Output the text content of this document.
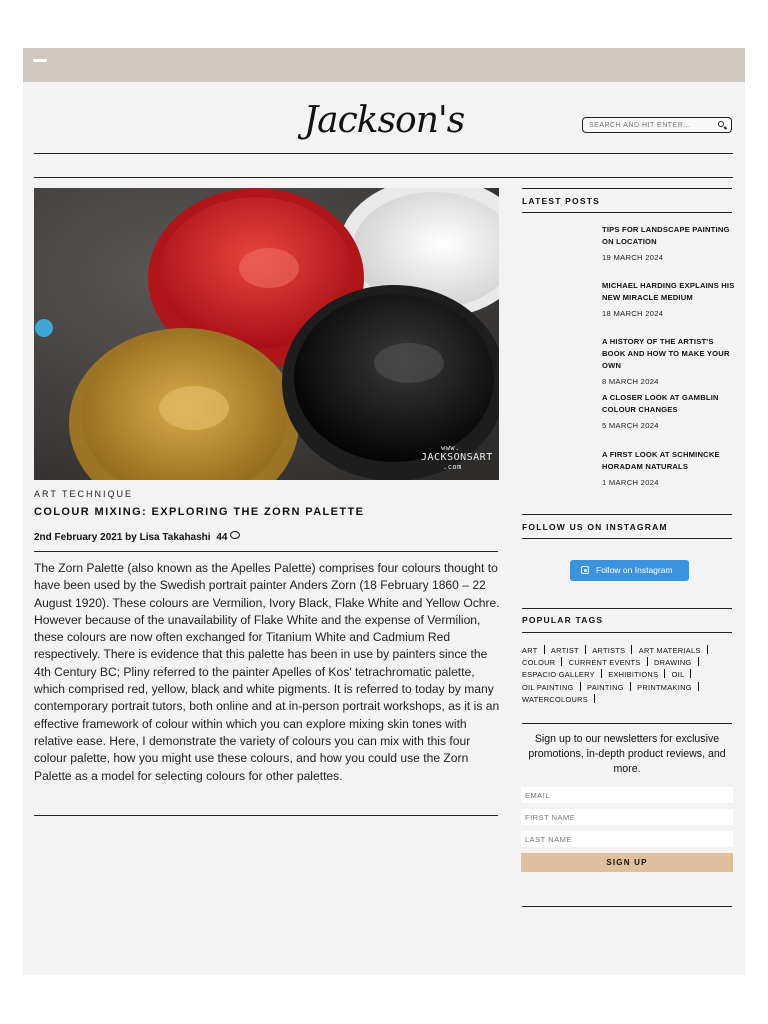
Jackson's
SEARCH AND HIT ENTER...
www.
JACKSONSART
.com
ART TECHNIQUE
COLOUR MIXING: EXPLORING THE ZORN PALETTE
2nd February 2021 by Lisa Takahashi 44
The Zorn Palette (also known as the Apelles Palette) comprises four colours thought to have been used by the Swedish portrait painter Anders Zorn (18 February 1860 – 22 August 1920). These colours are Vermilion, Ivory Black, Flake White and Yellow Ochre. However because of the unavailability of Flake White and the expense of Vermilion, these colours are now often exchanged for Titanium White and Cadmium Red respectively. There is evidence that this palette has been in use by painters since the 4th Century BC; Pliny referred to the painter Apelles of Kos' tetrachromatic palette, which comprised red, yellow, black and white pigments. It is referred to today by many contemporary portrait tutors, both online and at in-person portrait workshops, as it is an effective framework of colour within which you can explore mixing skin tones with relative ease. Here, I demonstrate the variety of colours you can mix with this four colour palette, how you might use these colours, and how you could use the Zorn Palette as a model for selecting colours for other palettes.
LATEST POSTS
TIPS FOR LANDSCAPE PAINTING ON LOCATION
19 MARCH 2024
MICHAEL HARDING EXPLAINS HIS NEW MIRACLE MEDIUM
18 MARCH 2024
A HISTORY OF THE ARTIST'S BOOK AND HOW TO MAKE YOUR OWN
8 MARCH 2024
A CLOSER LOOK AT GAMBLIN COLOUR CHANGES
5 MARCH 2024
A FIRST LOOK AT SCHMINCKE HORADAM NATURALS
1 MARCH 2024
FOLLOW US ON INSTAGRAM
Follow on Instagram
POPULAR TAGS
ART ARTIST ARTISTS ART MATERIALS COLOUR CURRENT EVENTS DRAWING ESPACIO GALLERY EXHIBITIONS OIL OIL PAINTING PAINTING PRINTMAKING WATERCOLOURS
Sign up to our newsletters for exclusive promotions, in-depth product reviews, and more.
EMAIL
FIRST NAME
LAST NAME
SIGN UP
